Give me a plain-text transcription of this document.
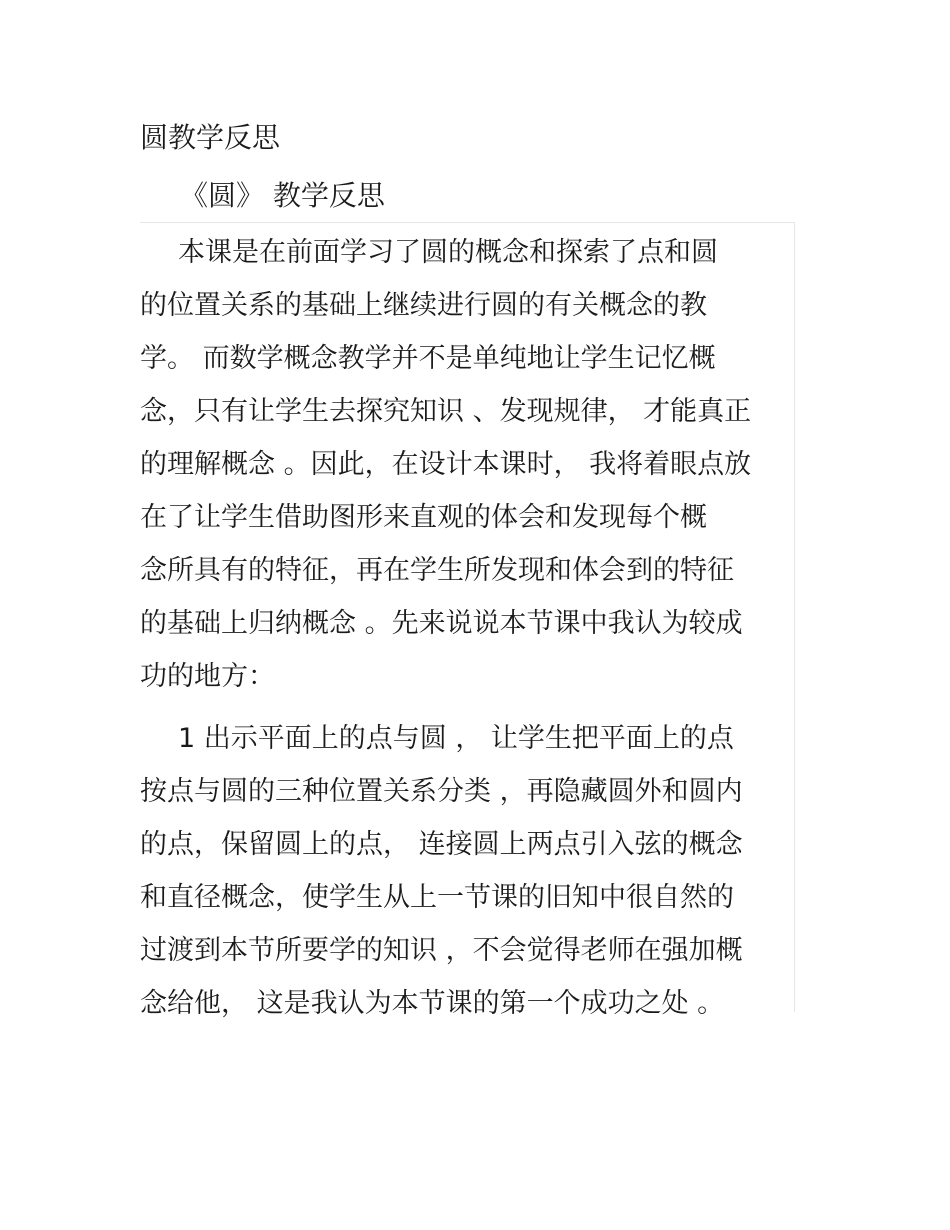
圆教学反思
《圆》 教学反思
本课是在前面学习了圆的概念和探索了点和圆
的位置关系的基础上继续进行圆的有关概念的教
学。 而数学概念教学并不是单纯地让学生记忆概
念，只有让学生去探究知识 、发现规律， 才能真正
的理解概念 。因此，在设计本课时， 我将着眼点放
在了让学生借助图形来直观的体会和发现每个概
念所具有的特征，再在学生所发现和体会到的特征
的基础上归纳概念 。先来说说本节课中我认为较成
功的地方：
1 出示平面上的点与圆 ， 让学生把平面上的点
按点与圆的三种位置关系分类 ，再隐藏圆外和圆内
的点，保留圆上的点， 连接圆上两点引入弦的概念
和直径概念，使学生从上一节课的旧知中很自然的
过渡到本节所要学的知识 ，不会觉得老师在强加概
念给他， 这是我认为本节课的第一个成功之处 。
